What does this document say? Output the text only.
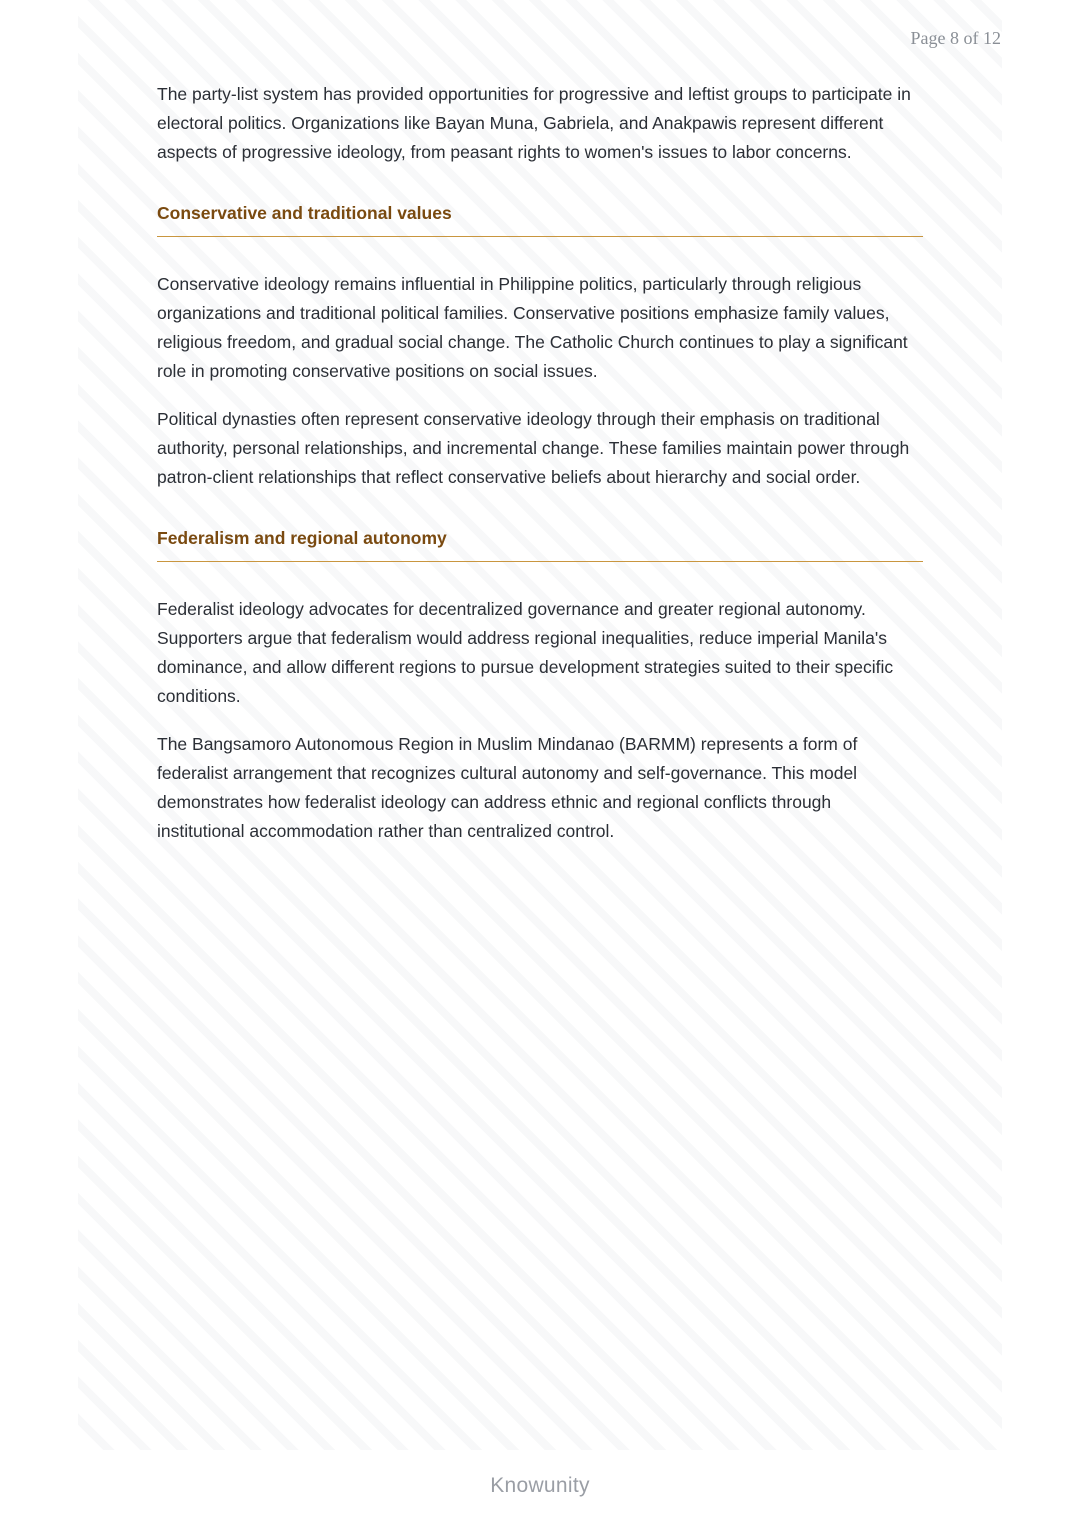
Page 8 of 12

The party-list system has provided opportunities for progressive and leftist groups to participate in electoral politics. Organizations like Bayan Muna, Gabriela, and Anakpawis represent different aspects of progressive ideology, from peasant rights to women's issues to labor concerns.

Conservative and traditional values

Conservative ideology remains influential in Philippine politics, particularly through religious organizations and traditional political families. Conservative positions emphasize family values, religious freedom, and gradual social change. The Catholic Church continues to play a significant role in promoting conservative positions on social issues.

Political dynasties often represent conservative ideology through their emphasis on traditional authority, personal relationships, and incremental change. These families maintain power through patron-client relationships that reflect conservative beliefs about hierarchy and social order.

Federalism and regional autonomy

Federalist ideology advocates for decentralized governance and greater regional autonomy. Supporters argue that federalism would address regional inequalities, reduce imperial Manila's dominance, and allow different regions to pursue development strategies suited to their specific conditions.

The Bangsamoro Autonomous Region in Muslim Mindanao (BARMM) represents a form of federalist arrangement that recognizes cultural autonomy and self-governance. This model demonstrates how federalist ideology can address ethnic and regional conflicts through institutional accommodation rather than centralized control.

Knowunity
